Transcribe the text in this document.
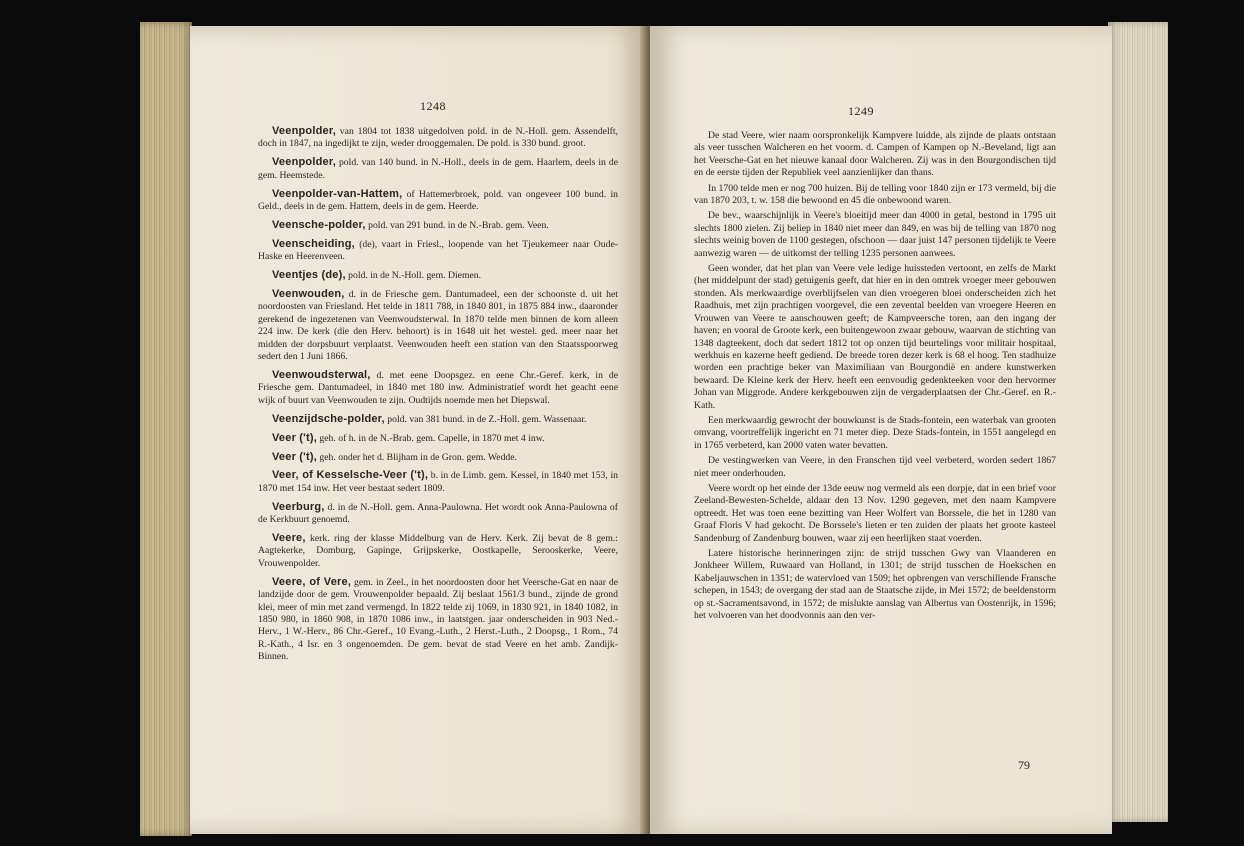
1248

Veenpolder, van 1804 tot 1838 uitgedolven pold. in de N.-Holl. gem. Assendelft, doch in 1847, na ingedijkt te zijn, weder drooggemalen. De pold. is 330 bund. groot.

Veenpolder, pold. van 140 bund. in N.-Holl., deels in de gem. Haarlem, deels in de gem. Heemstede.

Veenpolder-van-Hattem, of Hattemerbroek, pold. van ongeveer 100 bund. in Geld., deels in de gem. Hattem, deels in de gem. Heerde.

Veensche-polder, pold. van 291 bund. in de N.-Brab. gem. Veen.

Veenscheiding, (de), vaart in Friesl., loopende van het Tjeukemeer naar Oude-Haske en Heerenveen.

Veentjes (de), pold. in de N.-Holl. gem. Diemen.

Veenwouden, d. in de Friesche gem. Dantumadeel, een der schoonste d. uit het noordoosten van Friesland. Het telde in 1811 788, in 1840 801, in 1875 884 inw., daaronder gerekend de ingezetenen van Veenwoudsterwal. In 1870 telde men binnen de kom alleen 224 inw. De kerk (die den Herv. behoort) is in 1648 uit het westel. ged. meer naar het midden der dorpsbuurt verplaatst. Veenwouden heeft een station van den Staatsspoorweg sedert den 1 Juni 1866.

Veenwoudsterwal, d. met eene Doopsgez. en eene Chr.-Geref. kerk, in de Friesche gem. Dantumadeel, in 1840 met 180 inw. Administratief wordt het geacht eene wijk of buurt van Veenwouden te zijn. Oudtijds noemde men het Diepswal.

Veenzijdsche-polder, pold. van 381 bund. in de Z.-Holl. gem. Wassenaar.

Veer ('t), geh. of h. in de N.-Brab. gem. Capelle, in 1870 met 4 inw.

Veer ('t), geh. onder het d. Blijham in de Gron. gem. Wedde.

Veer, of Kesselsche-Veer ('t), b. in de Limb. gem. Kessel, in 1840 met 153, in 1870 met 154 inw. Het veer bestaat sedert 1809.

Veerburg, d. in de N.-Holl. gem. Anna-Paulowna. Het wordt ook Anna-Paulowna of de Kerkbuurt genoemd.

Veere, kerk. ring der klasse Middelburg van de Herv. Kerk. Zij bevat de 8 gem.: Aagtekerke, Domburg, Gapinge, Grijpskerke, Oostkapelle, Serooskerke, Veere, Vrouwenpolder.

Veere, of Vere, gem. in Zeel., in het noordoosten door het Veersche-Gat en naar de landzijde door de gem. Vrouwenpolder bepaald. Zij beslaat 1561/3 bund., zijnde de grond klei, meer of min met zand vermengd. In 1822 telde zij 1069, in 1830 921, in 1840 1082, in 1850 980, in 1860 908, in 1870 1086 inw., in laatstgen. jaar onderscheiden in 903 Ned.-Herv., 1 W.-Herv., 86 Chr.-Geref., 10 Evang.-Luth., 2 Herst.-Luth., 2 Doopsg., 1 Rom., 74 R.-Kath., 4 Isr. en 3 ongenoemden. De gem. bevat de stad Veere en het amb. Zandijk-Binnen.

1249

De stad Veere, wier naam oorspronkelijk Kampvere luidde, als zijnde de plaats ontstaan als veer tusschen Walcheren en het voorm. d. Campen of Kampen op N.-Beveland, ligt aan het Veersche-Gat en het nieuwe kanaal door Walcheren. Zij was in den Bourgondischen tijd en de eerste tijden der Republiek veel aanzienlijker dan thans.

In 1700 telde men er nog 700 huizen. Bij de telling voor 1840 zijn er 173 vermeld, bij die van 1870 203, t. w. 158 die bewoond en 45 die onbewoond waren.

De bev., waarschijnlijk in Veere's bloeitijd meer dan 4000 in getal, bestond in 1795 uit slechts 1800 zielen. Zij beliep in 1840 niet meer dan 849, en was bij de telling van 1870 nog slechts weinig boven de 1100 gestegen, ofschoon — daar juist 147 personen tijdelijk te Veere aanwezig waren — de uitkomst der telling 1235 personen aanwees.

Geen wonder, dat het plan van Veere vele ledige huissteden vertoont, en zelfs de Markt (het middelpunt der stad) getuigenis geeft, dat hier en in den omtrek vroeger meer gebouwen stonden. Als merkwaardige overblijfselen van dien vroegeren bloei onderscheiden zich het Raadhuis, met zijn prachtigen voorgevel, die een zevental beelden van vroegere Heeren en Vrouwen van Veere te aanschouwen geeft; de Kampveersche toren, aan den ingang der haven; en vooral de Groote kerk, een buitengewoon zwaar gebouw, waarvan de stichting van 1348 dagteekent, doch dat sedert 1812 tot op onzen tijd beurtelings voor militair hospitaal, werkhuis en kazerne heeft gediend. De breede toren dezer kerk is 68 el hoog. Ten stadhuize worden een prachtige beker van Maximiliaan van Bourgondië en andere kunstwerken bewaard. De Kleine kerk der Herv. heeft een eenvoudig gedenkteeken voor den hervormer Johan van Miggrode. Andere kerkgebouwen zijn de vergaderplaatsen der Chr.-Geref. en R.-Kath.

Een merkwaardig gewrocht der bouwkunst is de Stads-fontein, een waterbak van grooten omvang, voortreffelijk ingericht en 71 meter diep. Deze Stads-fontein, in 1551 aangelegd en in 1765 verbeterd, kan 2000 vaten water bevatten.

De vestingwerken van Veere, in den Franschen tijd veel verbeterd, worden sedert 1867 niet meer onderhouden.

Veere wordt op het einde der 13de eeuw nog vermeld als een dorpje, dat in een brief voor Zeeland-Bewesten-Schelde, aldaar den 13 Nov. 1290 gegeven, met den naam Kampvere optreedt. Het was toen eene bezitting van Heer Wolfert van Borssele, die het in 1280 van Graaf Floris V had gekocht. De Borssele's lieten er ten zuiden der plaats het groote kasteel Sandenburg of Zandenburg bouwen, waar zij een heerlijken staat voerden.

Latere historische herinneringen zijn: de strijd tusschen Gwy van Vlaanderen en Jonkheer Willem, Ruwaard van Holland, in 1301; de strijd tusschen de Hoekschen en Kabeljauwschen in 1351; de watervloed van 1509; het opbrengen van verschillende Fransche schepen, in 1543; de overgang der stad aan de Staatsche zijde, in Mei 1572; de beeldenstorm op st.-Sacramentsavond, in 1572; de mislukte aanslag van Albertus van Oostenrijk, in 1596; het volvoeren van het doodvonnis aan den ver-

79
